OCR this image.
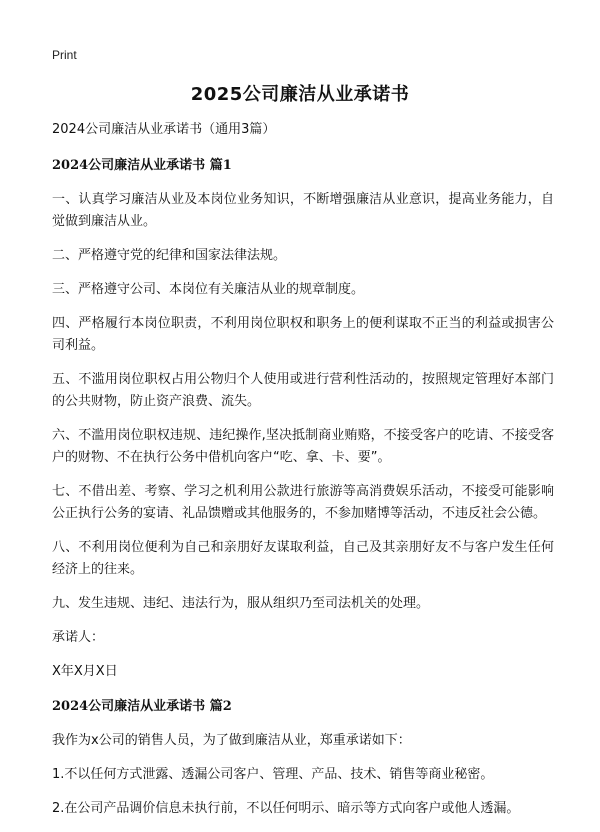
Print
2025公司廉洁从业承诺书
2024公司廉洁从业承诺书（通用3篇）
2024公司廉洁从业承诺书 篇1

一、认真学习廉洁从业及本岗位业务知识，不断增强廉洁从业意识，提高业务能力，自觉做到廉洁从业。

二、严格遵守党的纪律和国家法律法规。

三、严格遵守公司、本岗位有关廉洁从业的规章制度。

四、严格履行本岗位职责，不利用岗位职权和职务上的便利谋取不正当的利益或损害公司利益。

五、不滥用岗位职权占用公物归个人使用或进行营利性活动的，按照规定管理好本部门的公共财物，防止资产浪费、流失。

六、不滥用岗位职权违规、违纪操作,坚决抵制商业贿赂，不接受客户的吃请、不接受客户的财物、不在执行公务中借机向客户“吃、拿、卡、要”。

七、不借出差、考察、学习之机利用公款进行旅游等高消费娱乐活动，不接受可能影响公正执行公务的宴请、礼品馈赠或其他服务的，不参加赌博等活动，不违反社会公德。

八、不利用岗位便利为自己和亲朋好友谋取利益，自己及其亲朋好友不与客户发生任何经济上的往来。

九、发生违规、违纪、违法行为，服从组织乃至司法机关的处理。

承诺人：

X年X月X日

2024公司廉洁从业承诺书 篇2

我作为x公司的销售人员，为了做到廉洁从业，郑重承诺如下：

1.不以任何方式泄露、透漏公司客户、管理、产品、技术、销售等商业秘密。

2.在公司产品调价信息未执行前，不以任何明示、暗示等方式向客户或他人透漏。
